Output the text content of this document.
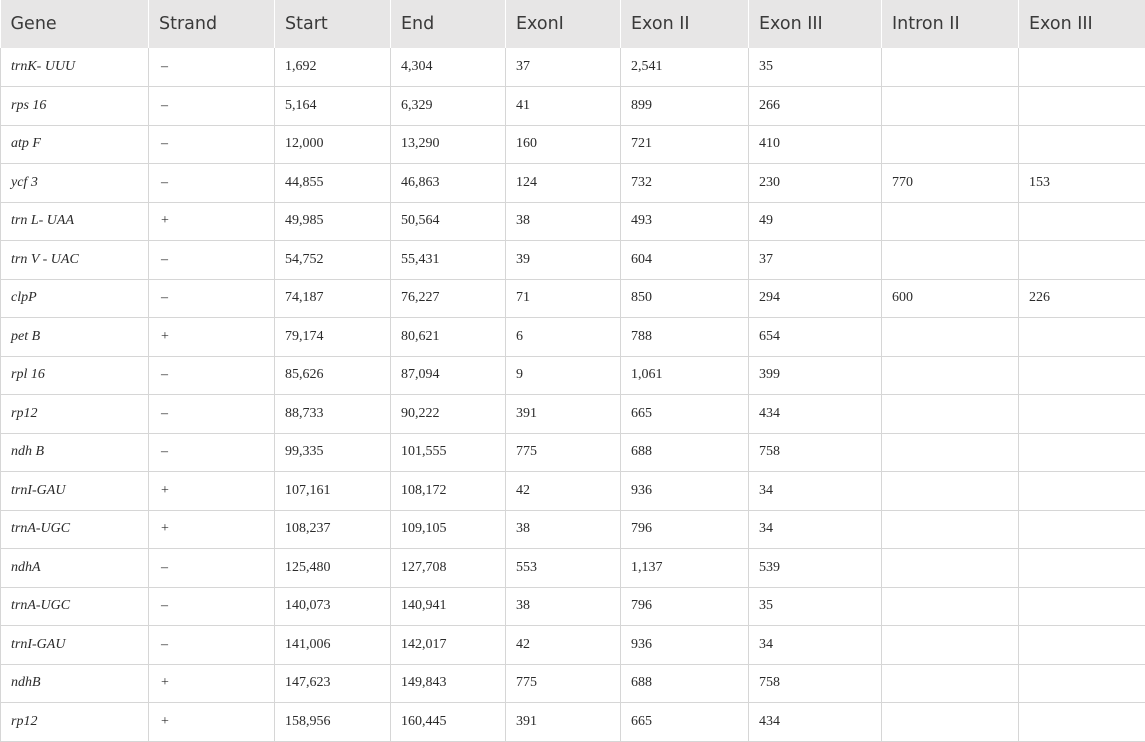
Gene	Strand	Start	End	ExonI	Exon II	Exon III	Intron II	Exon III
trnK- UUU	–	1,692	4,304	37	2,541	35		
rps 16	–	5,164	6,329	41	899	266		
atp F	–	12,000	13,290	160	721	410		
ycf 3	–	44,855	46,863	124	732	230	770	153
trn L- UAA	+	49,985	50,564	38	493	49		
trn V - UAC	–	54,752	55,431	39	604	37		
clpP	–	74,187	76,227	71	850	294	600	226
pet B	+	79,174	80,621	6	788	654		
rpl 16	–	85,626	87,094	9	1,061	399		
rp12	–	88,733	90,222	391	665	434		
ndh B	–	99,335	101,555	775	688	758		
trnI-GAU	+	107,161	108,172	42	936	34		
trnA-UGC	+	108,237	109,105	38	796	34		
ndhA	–	125,480	127,708	553	1,137	539		
trnA-UGC	–	140,073	140,941	38	796	35		
trnI-GAU	–	141,006	142,017	42	936	34		
ndhB	+	147,623	149,843	775	688	758		
rp12	+	158,956	160,445	391	665	434		
